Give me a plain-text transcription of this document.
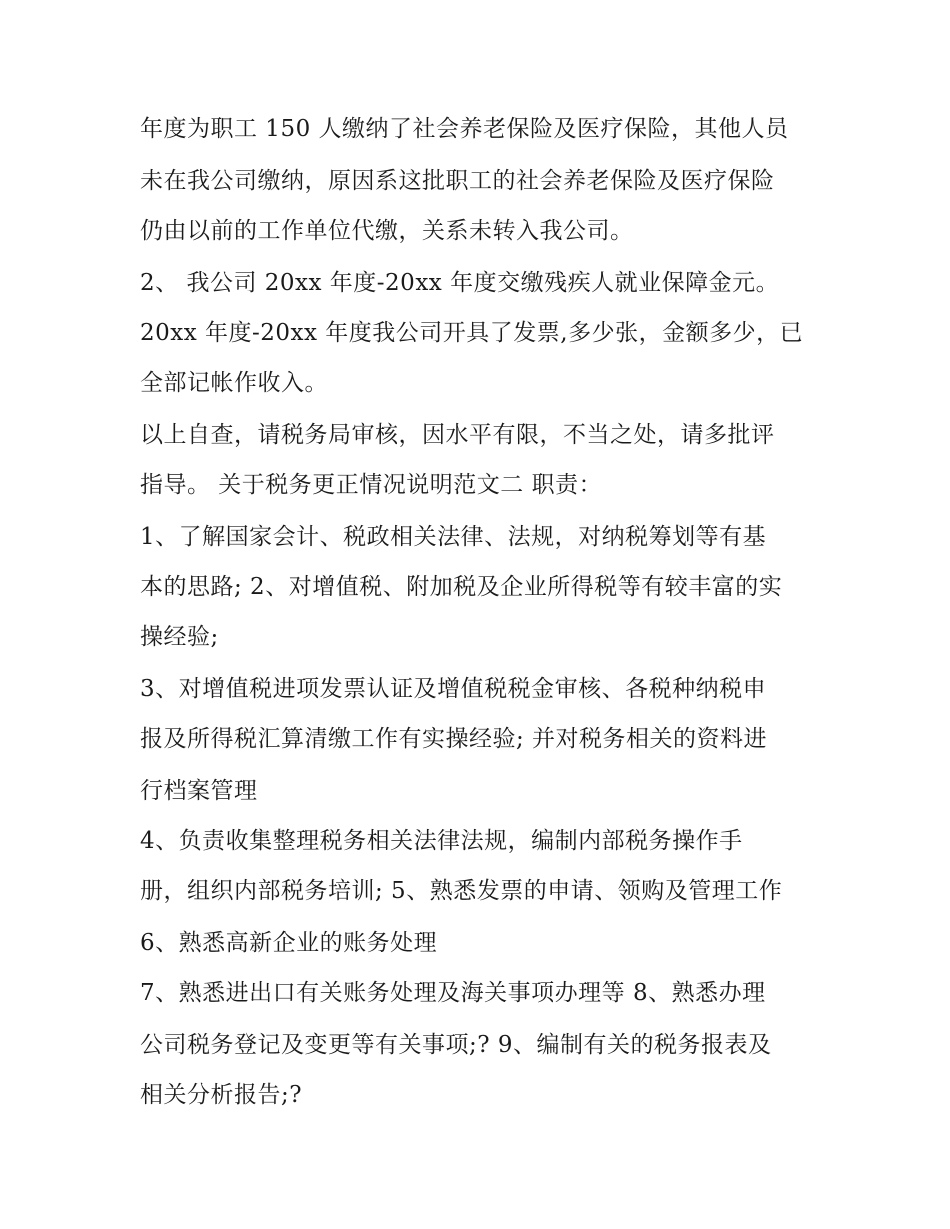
年度为职工 150 人缴纳了社会养老保险及医疗保险，其他人员
未在我公司缴纳，原因系这批职工的社会养老保险及医疗保险
仍由以前的工作单位代缴，关系未转入我公司。
2、 我公司 20xx 年度-20xx 年度交缴残疾人就业保障金元。
20xx 年度-20xx 年度我公司开具了发票,多少张，金额多少，已
全部记帐作收入。
以上自查，请税务局审核，因水平有限，不当之处，请多批评
指导。 关于税务更正情况说明范文二 职责：
1、了解国家会计、税政相关法律、法规，对纳税筹划等有基
本的思路; 2、对增值税、附加税及企业所得税等有较丰富的实
操经验;
3、对增值税进项发票认证及增值税税金审核、各税种纳税申
报及所得税汇算清缴工作有实操经验; 并对税务相关的资料进
行档案管理
4、负责收集整理税务相关法律法规，编制内部税务操作手
册，组织内部税务培训; 5、熟悉发票的申请、领购及管理工作
6、熟悉高新企业的账务处理
7、熟悉进出口有关账务处理及海关事项办理等 8、熟悉办理
公司税务登记及变更等有关事项;? 9、编制有关的税务报表及
相关分析报告;?
